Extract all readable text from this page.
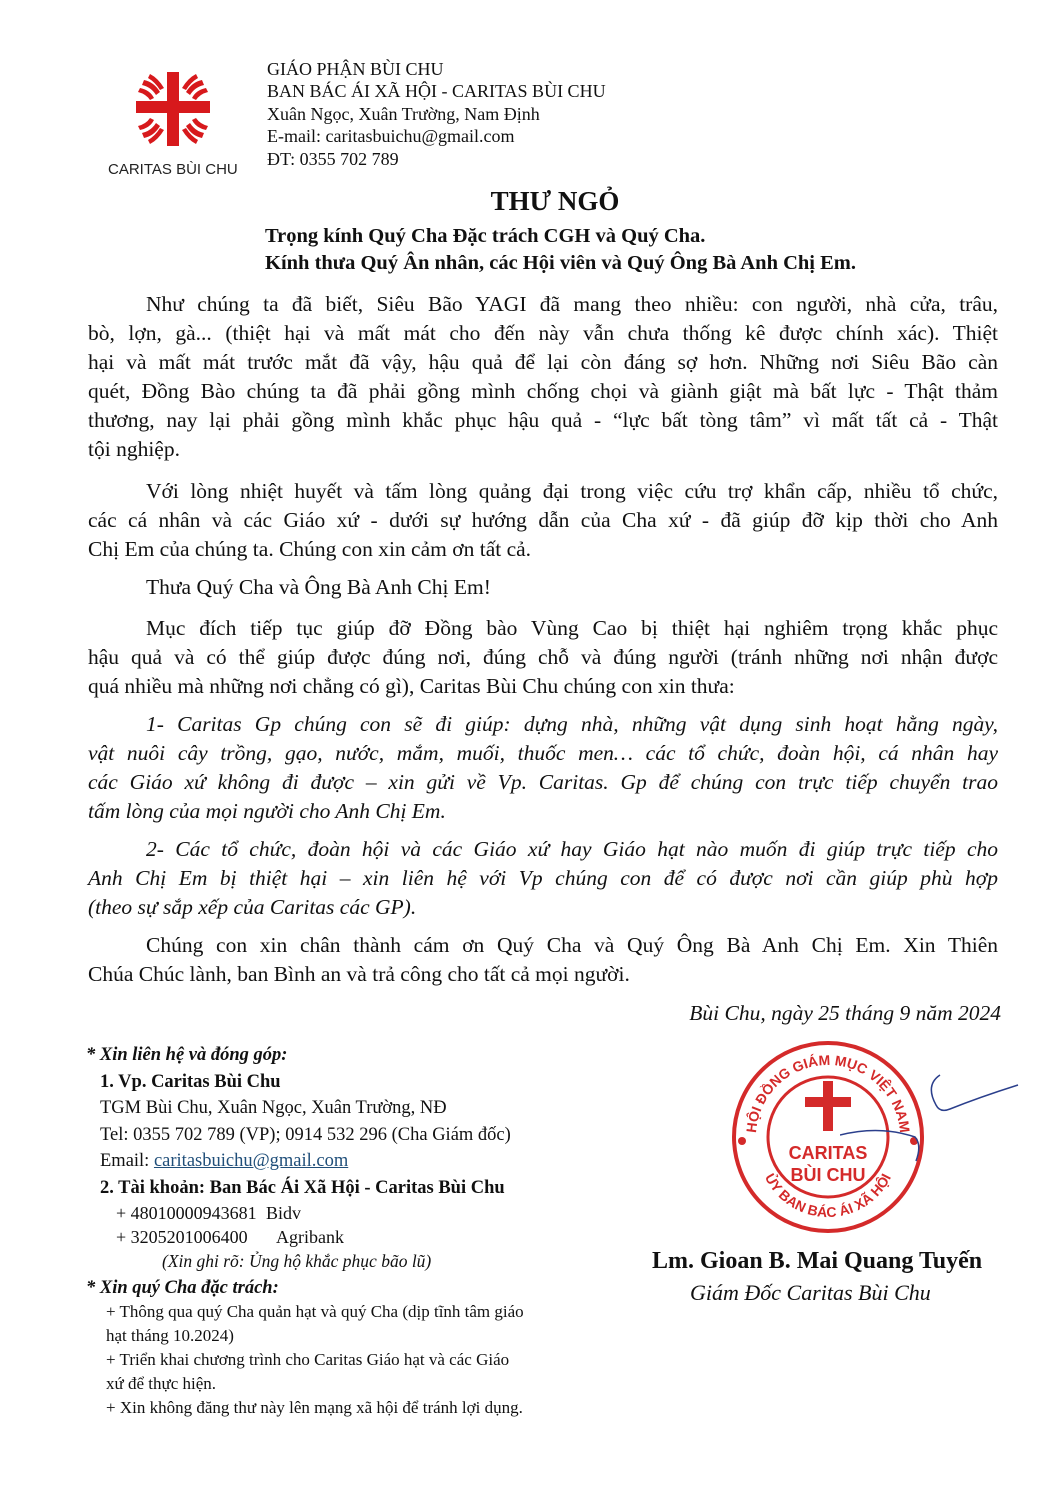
CARITAS BÙI CHU
GIÁO PHẬN BÙI CHU
BAN BÁC ÁI XÃ HỘI - CARITAS BÙI CHU
Xuân Ngọc, Xuân Trường, Nam Định
E-mail: caritasbuichu@gmail.com
ĐT: 0355 702 789
THƯ NGỎ
Trọng kính Quý Cha Đặc trách CGH và Quý Cha.
Kính thưa Quý Ân nhân, các Hội viên và Quý Ông Bà Anh Chị Em.
Như chúng ta đã biết, Siêu Bão YAGI đã mang theo nhiều: con người, nhà cửa, trâu,
bò, lợn, gà... (thiệt hại và mất mát cho đến này vẫn chưa thống kê được chính xác). Thiệt
hại và mất mát trước mắt đã vậy, hậu quả để lại còn đáng sợ hơn. Những nơi Siêu Bão càn
quét, Đồng Bào chúng ta đã phải gồng mình chống chọi và giành giật mà bất lực - Thật thảm
thương, nay lại phải gồng mình khắc phục hậu quả - “lực bất tòng tâm” vì mất tất cả - Thật
tội nghiệp.
Với lòng nhiệt huyết và tấm lòng quảng đại trong việc cứu trợ khẩn cấp, nhiều tổ chức,
các cá nhân và các Giáo xứ - dưới sự hướng dẫn của Cha xứ - đã giúp đỡ kịp thời cho Anh
Chị Em của chúng ta. Chúng con xin cảm ơn tất cả.
Thưa Quý Cha và Ông Bà Anh Chị Em!
Mục đích tiếp tục giúp đỡ Đồng bào Vùng Cao bị thiệt hại nghiêm trọng khắc phục
hậu quả và có thể giúp được đúng nơi, đúng chỗ và đúng người (tránh những nơi nhận được
quá nhiều mà những nơi chẳng có gì), Caritas Bùi Chu chúng con xin thưa:
1- Caritas Gp chúng con sẽ đi giúp: dựng nhà, những vật dụng sinh hoạt hằng ngày,
vật nuôi cây trồng, gạo, nước, mắm, muối, thuốc men… các tổ chức, đoàn hội, cá nhân hay
các Giáo xứ không đi được – xin gửi về Vp. Caritas. Gp để chúng con trực tiếp chuyển trao
tấm lòng của mọi người cho Anh Chị Em.
2- Các tổ chức, đoàn hội và các Giáo xứ hay Giáo hạt nào muốn đi giúp trực tiếp cho
Anh Chị Em bị thiệt hại – xin liên hệ với Vp chúng con để có được nơi cần giúp phù hợp
(theo sự sắp xếp của Caritas các GP).
Chúng con xin chân thành cám ơn Quý Cha và Quý Ông Bà Anh Chị Em. Xin Thiên
Chúa Chúc lành, ban Bình an và trả công cho tất cả mọi người.
Bùi Chu, ngày 25 tháng 9 năm 2024
* Xin liên hệ và đóng góp:
1. Vp. Caritas Bùi Chu
TGM Bùi Chu, Xuân Ngọc, Xuân Trường, NĐ
Tel: 0355 702 789 (VP); 0914 532 296 (Cha Giám đốc)
Email: caritasbuichu@gmail.com
2. Tài khoản: Ban Bác Ái Xã Hội - Caritas Bùi Chu
+ 48010000943681 Bidv
+ 3205201006400 Agribank
(Xin ghi rõ: Ủng hộ khắc phục bão lũ)
* Xin quý Cha đặc trách:
+ Thông qua quý Cha quản hạt và quý Cha (dịp tĩnh tâm giáo
hạt tháng 10.2024)
+ Triển khai chương trình cho Caritas Giáo hạt và các Giáo
xứ để thực hiện.
+ Xin không đăng thư này lên mạng xã hội để tránh lợi dụng.
HỘI ĐỒNG GIÁM MỤC VIỆT NAM
ỦY BAN BÁC ÁI XÃ HỘI
CARITAS
BÙI CHU
Lm. Gioan B. Mai Quang Tuyến
Giám Đốc Caritas Bùi Chu
